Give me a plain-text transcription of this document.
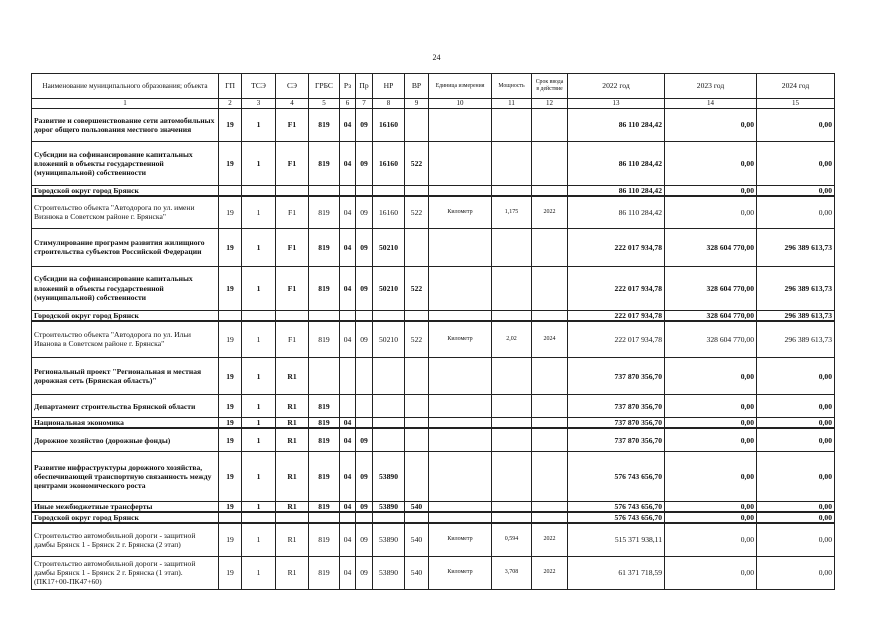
24
Наименование муниципального образования; объекта	ГП	ТСЭ	СЭ	ГРБС	Рз	Пр	НР	ВР	Единица измерения	Мощность	Срок ввода в действие	2022 год	2023 год	2024 год
1	2	3	4	5	6	7	8	9	10	11	12	13	14	15
Развитие и совершенствование сети автомобильных дорог общего пользования местного значения	19	1	F1	819	04	09	16160					86 110 284,42	0,00	0,00
Субсидии на софинансирование капитальных вложений в объекты государственной (муниципальной) собственности	19	1	F1	819	04	09	16160	522				86 110 284,42	0,00	0,00
Городской округ город Брянск												86 110 284,42	0,00	0,00
Строительство объекта "Автодорога по ул. имени Визнюка в Советском районе г. Брянска"	19	1	F1	819	04	09	16160	522	Километр	1,175	2022	86 110 284,42	0,00	0,00
Стимулирование программ развития жилищного строительства субъектов Российской Федерации	19	1	F1	819	04	09	50210					222 017 934,78	328 604 770,00	296 389 613,73
Субсидии на софинансирование капитальных вложений в объекты государственной (муниципальной) собственности	19	1	F1	819	04	09	50210	522				222 017 934,78	328 604 770,00	296 389 613,73
Городской округ город Брянск												222 017 934,78	328 604 770,00	296 389 613,73
Строительство объекта "Автодорога по ул. Ильи Иванова в Советском районе г. Брянска"	19	1	F1	819	04	09	50210	522	Километр	2,02	2024	222 017 934,78	328 604 770,00	296 389 613,73
Региональный проект "Региональная и местная дорожная сеть (Брянская область)"	19	1	R1									737 870 356,70	0,00	0,00
Департамент строительства Брянской области	19	1	R1	819								737 870 356,70	0,00	0,00
Национальная экономика	19	1	R1	819	04							737 870 356,70	0,00	0,00
Дорожное хозяйство (дорожные фонды)	19	1	R1	819	04	09						737 870 356,70	0,00	0,00
Развитие инфраструктуры дорожного хозяйства, обеспечивающей транспортную связанность между центрами экономического роста	19	1	R1	819	04	09	53890					576 743 656,70	0,00	0,00
Иные межбюджетные трансферты	19	1	R1	819	04	09	53890	540				576 743 656,70	0,00	0,00
Городской округ город Брянск												576 743 656,70	0,00	0,00
Строительство автомобильной дороги - защитной дамбы Брянск 1 - Брянск 2 г. Брянска (2 этап)	19	1	R1	819	04	09	53890	540	Километр	0,594	2022	515 371 938,11	0,00	0,00
Строительство автомобильной дороги - защитной дамбы Брянск 1 - Брянск 2 г. Брянска (1 этап). (ПК17+00-ПК47+60)	19	1	R1	819	04	09	53890	540	Километр	3,708	2022	61 371 718,59	0,00	0,00
